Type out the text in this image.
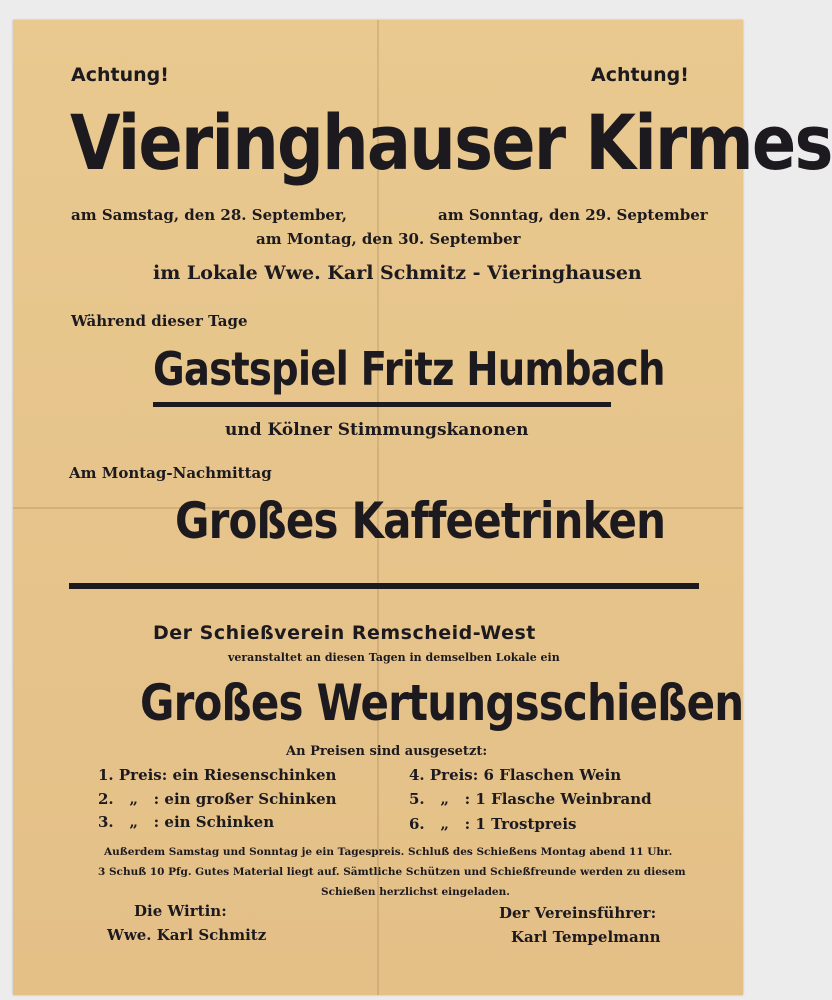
Achtung!	Achtung!
Vieringhauser Kirmes
am Samstag, den 28. September,	am Sonntag, den 29. September
am Montag, den 30. September
im Lokale Wwe. Karl Schmitz - Vieringhausen
Während dieser Tage
Gastspiel Fritz Humbach
und Kölner Stimmungskanonen
Am Montag-Nachmittag
Großes Kaffeetrinken
Der Schießverein Remscheid-West
veranstaltet an diesen Tagen in demselben Lokale ein
Großes Wertungsschießen
An Preisen sind ausgesetzt:
1. Preis: ein Riesenschinken
2.   „   : ein großer Schinken
3.   „   : ein Schinken
4. Preis: 6 Flaschen Wein
5.   „   : 1 Flasche Weinbrand
6.   „   : 1 Trostpreis
Außerdem Samstag und Sonntag je ein Tagespreis. Schluß des Schießens Montag abend 11 Uhr.
3 Schuß 10 Pfg. Gutes Material liegt auf. Sämtliche Schützen und Schießfreunde werden zu diesem
Schießen herzlichst eingeladen.
Die Wirtin:
Wwe. Karl Schmitz
Der Vereinsführer:
Karl Tempelmann
